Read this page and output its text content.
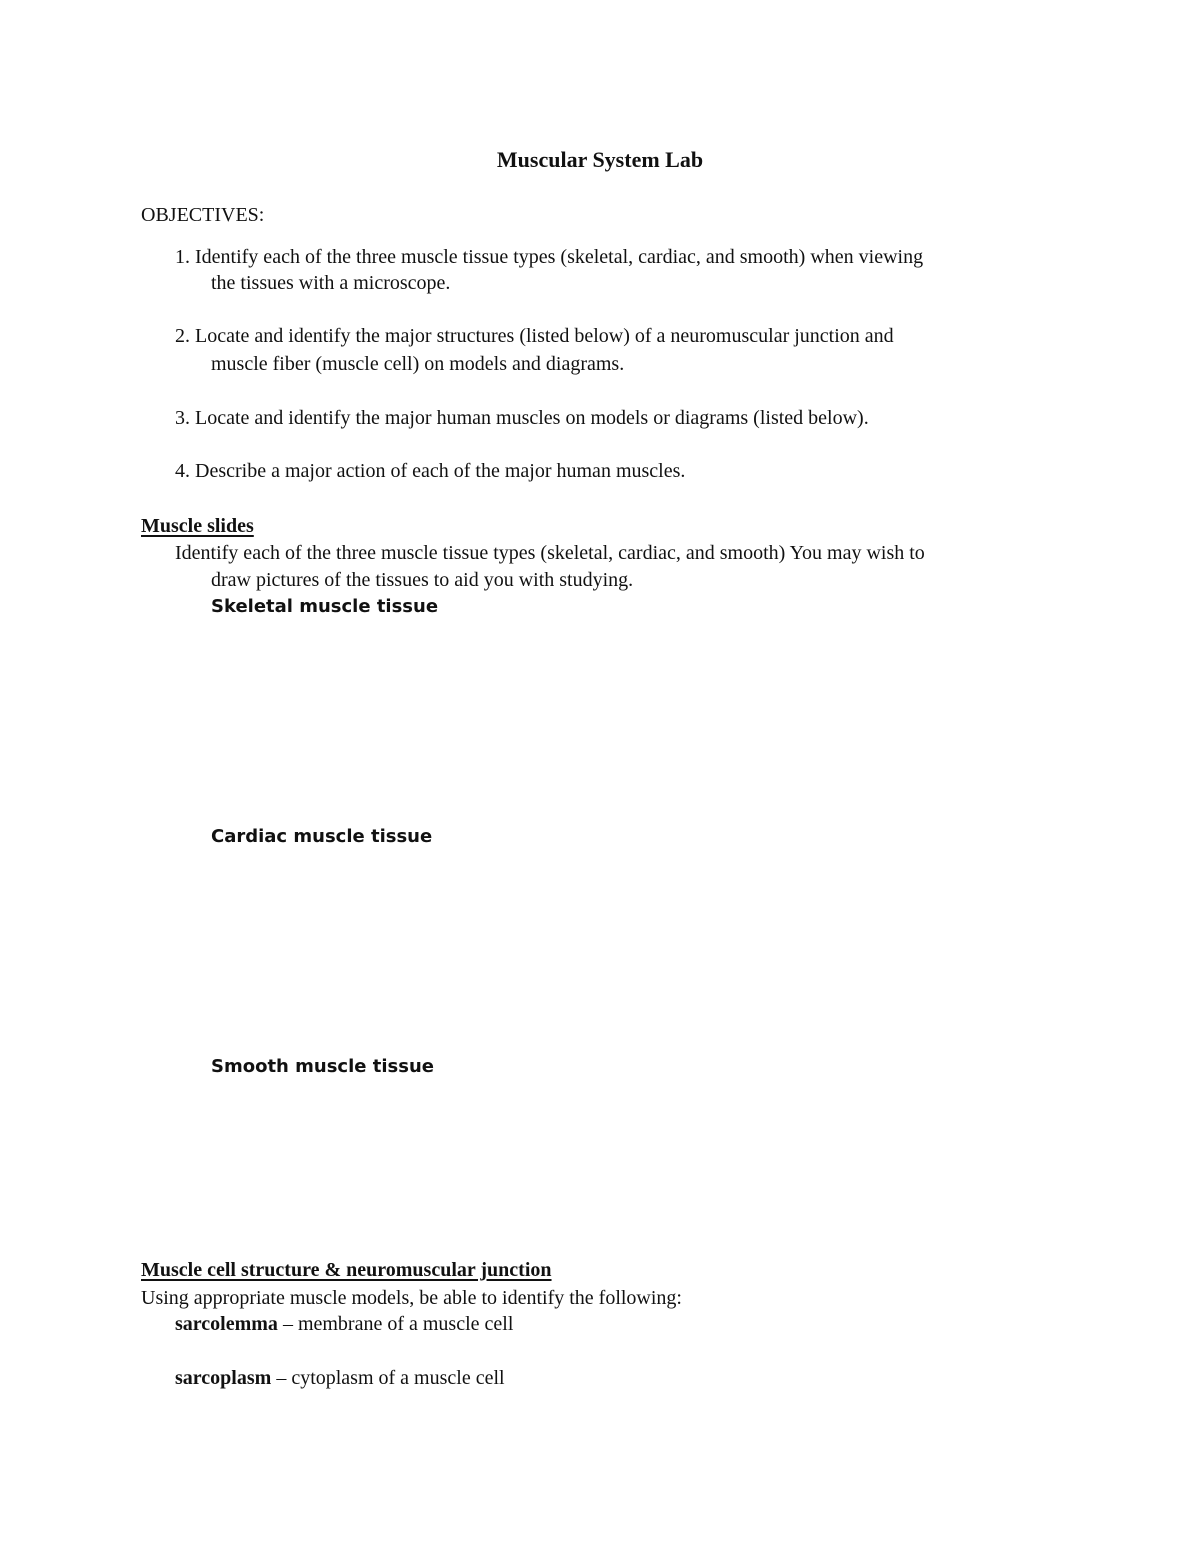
Muscular System Lab
OBJECTIVES:
1. Identify each of the three muscle tissue types (skeletal, cardiac, and smooth) when viewing
the tissues with a microscope.
2. Locate and identify the major structures (listed below) of a neuromuscular junction and
muscle fiber (muscle cell) on models and diagrams.
3. Locate and identify the major human muscles on models or diagrams (listed below).
4. Describe a major action of each of the major human muscles.
Muscle slides
Identify each of the three muscle tissue types (skeletal, cardiac, and smooth) You may wish to
draw pictures of the tissues to aid you with studying.
Skeletal muscle tissue
Cardiac muscle tissue
Smooth muscle tissue
Muscle cell structure & neuromuscular junction
Using appropriate muscle models, be able to identify the following:
sarcolemma – membrane of a muscle cell
sarcoplasm – cytoplasm of a muscle cell
